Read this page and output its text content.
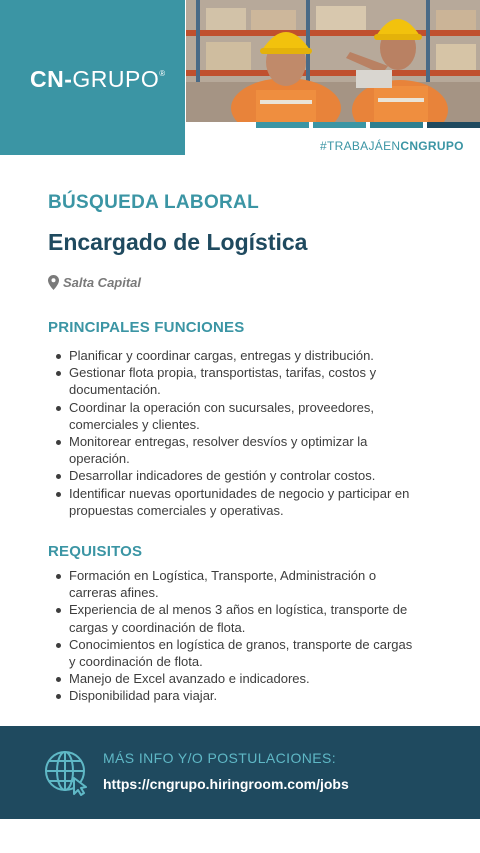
CN-GRUPO®
#TRABAJÁENCNGRUPO
BÚSQUEDA LABORAL
Encargado de Logística
Salta Capital
PRINCIPALES FUNCIONES
Planificar y coordinar cargas, entregas y distribución.
Gestionar flota propia, transportistas, tarifas, costos y documentación.
Coordinar la operación con sucursales, proveedores, comerciales y clientes.
Monitorear entregas, resolver desvíos y optimizar la operación.
Desarrollar indicadores de gestión y controlar costos.
Identificar nuevas oportunidades de negocio y participar en propuestas comerciales y operativas.
REQUISITOS
Formación en Logística, Transporte, Administración o carreras afines.
Experiencia de al menos 3 años en logística, transporte de cargas y coordinación de flota.
Conocimientos en logística de granos, transporte de cargas y coordinación de flota.
Manejo de Excel avanzado e indicadores.
Disponibilidad para viajar.
MÁS INFO Y/O POSTULACIONES:
https://cngrupo.hiringroom.com/jobs
